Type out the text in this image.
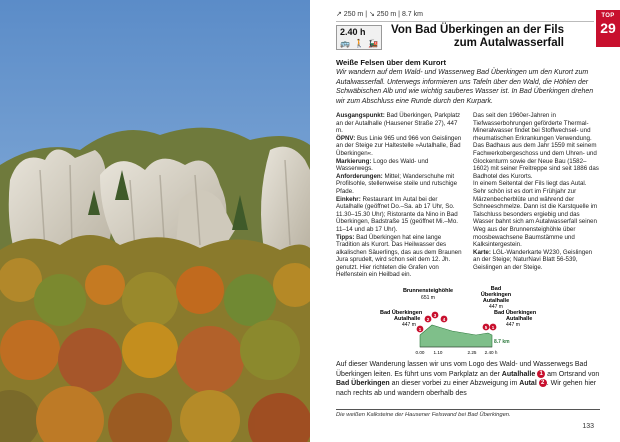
↗ 250 m | ↘ 250 m | 8.7 km
2.40 h
🚌 🚶 🚂
Von Bad Überkingen an der Fils
zum Autalwasserfall
TOP
29
Weiße Felsen über dem Kurort
Wir wandern auf dem Wald- und Wasserweg Bad Überkingen um den Kurort zum Autalwasserfall. Unterwegs informieren uns Tafeln über den Wald, die Höhlen der Schwäbischen Alb und wie wichtig sauberes Wasser ist. In Bad Überkingen drehen wir zum Abschluss eine Runde durch den Kurpark.

Ausgangspunkt: Bad Überkingen, Parkplatz an der Autalhalle (Hausener Straße 27), 447 m.

ÖPNV: Bus Linie 965 und 966 von Geislingen an der Steige zur Haltestelle »Autalhalle, Bad Überkingen«.

Markierung: Logo des Wald- und Wasserwegs.

Anforderungen: Mittel; Wanderschuhe mit Profilsohle, stellenweise steile und rutschige Pfade.

Einkehr: Restaurant Im Autal bei der Autalhalle (geöffnet Do.–Sa. ab 17 Uhr, So. 11.30–15.30 Uhr); Ristorante da Nino in Bad Überkingen, Badstraße 15 (geöffnet Mi.–Mo. 11–14 und ab 17 Uhr).

Tipps: Bad Überkingen hat eine lange Tradition als Kurort. Das Heilwasser des alkalischen Säuerlings, das aus dem Braunen Jura sprudelt, wird schon seit dem 12. Jh. genutzt. Hier richteten die Grafen von Helfenstein ein Heilbad ein.

Das seit den 1960er-Jahren in Tiefwasserbohrungen geförderte Thermal-Mineralwasser findet bei Stoffwechsel- und rheumatischen Erkrankungen Verwendung. Das Badhaus aus dem Jahr 1559 mit seinem Fachwerkobergeschoss und dem Uhren- und Glockenturm sowie der Neue Bau (1582–1602) mit seiner Freitreppe sind seit 1886 das Badhotel des Kurorts.

In einem Seitental der Fils liegt das Autal. Sehr schön ist es dort im Frühjahr zur Märzenbecherblüte und während der Schneeschmelze. Dann ist die Karstquelle im Talschluss besonders ergiebig und das Wasser bahnt sich am Autalwasserfall seinen Weg aus der Brunnensteighöhle über moosbewachsene Baumstämme und Kalksintergestein.

Karte: LGL-Wanderkarte W230, Geislingen an der Steige; NaturNavi Blatt 56-539, Geislingen an der Steige.

Brunnensteighöhle
651 m
Bad
Überkingen
Autalhalle
447 m
Bad Überkingen
Autalhalle
447 m
Bad Überkingen
Autalhalle
447 m
8.7 km
0.00 1.10	2.25 2.40 h
1
2
3
4
5 1
Auf dieser Wanderung lassen wir uns vom Logo des Wald- und Wasserwegs Bad Überkingen leiten. Es führt uns vom Parkplatz an der Autalhalle 1 am Ortsrand von Bad Überkingen an dieser vorbei zu einer Abzweigung im Autal 2 . Wir gehen hier nach rechts ab und wandern oberhalb des
Die weißen Kalksteine der Hausener Felswand bei Bad Überkingen.
133
